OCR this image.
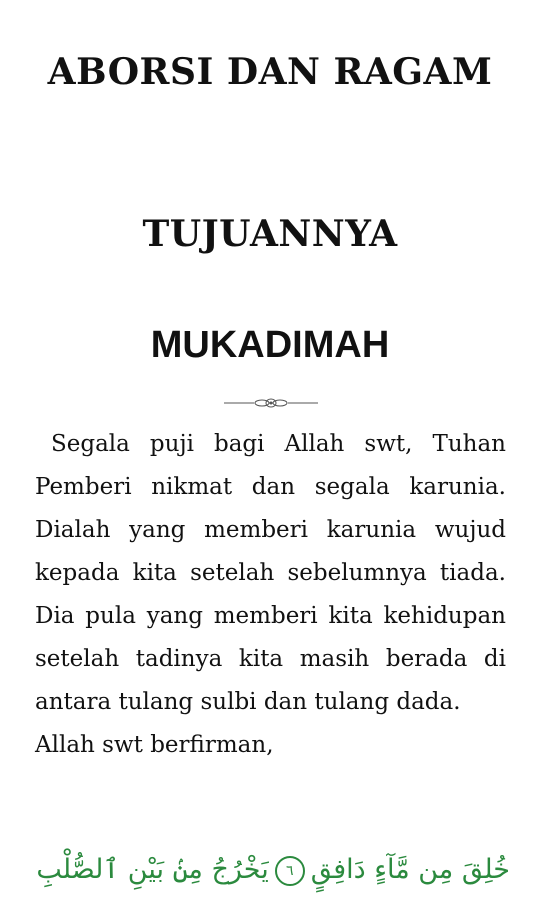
ABORSI DAN RAGAM
TUJUANNYA
MUKADIMAH

Segala puji bagi Allah swt, Tuhan Pemberi nikmat dan segala karunia. Dialah yang memberi karunia wujud kepada kita setelah sebelumnya tiada. Dia pula yang memberi kita kehidupan setelah tadinya kita masih berada di antara tulang sulbi dan tulang dada.

Allah swt berfirman,

خُلِقَ مِن مَّآءٍ دَافِقٍ٦يَخْرُجُ مِنۢ بَيْنِ ٱلصُّلْبِ
